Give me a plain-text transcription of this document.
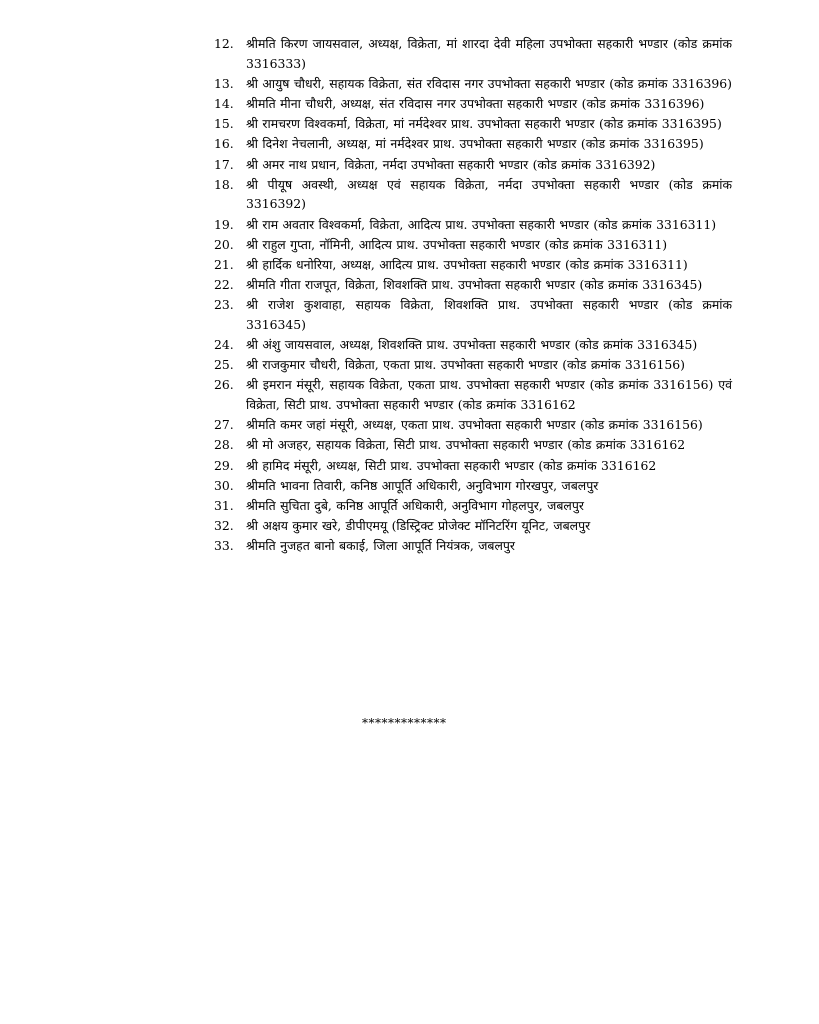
12. श्रीमति किरण जायसवाल, अध्यक्ष, विक्रेता, मां शारदा देवी महिला उपभोक्ता सहकारी भण्डार (कोड क्रमांक 3316333)
13. श्री आयुष चौधरी, सहायक विक्रेता, संत रविदास नगर उपभोक्ता सहकारी भण्डार (कोड क्रमांक 3316396)
14. श्रीमति मीना चौधरी, अध्यक्ष, संत रविदास नगर उपभोक्ता सहकारी भण्डार (कोड क्रमांक 3316396)
15. श्री रामचरण विश्वकर्मा, विक्रेता, मां नर्मदेश्वर प्राथ. उपभोक्ता सहकारी भण्डार (कोड क्रमांक 3316395)
16. श्री दिनेश नेचलानी, अध्यक्ष, मां नर्मदेश्वर प्राथ. उपभोक्ता सहकारी भण्डार (कोड क्रमांक 3316395)
17. श्री अमर नाथ प्रधान, विक्रेता, नर्मदा उपभोक्ता सहकारी भण्डार (कोड क्रमांक 3316392)
18. श्री पीयूष अवस्थी, अध्यक्ष एवं सहायक विक्रेता, नर्मदा उपभोक्ता सहकारी भण्डार (कोड क्रमांक 3316392)
19. श्री राम अवतार विश्वकर्मा, विक्रेता, आदित्य प्राथ. उपभोक्ता सहकारी भण्डार (कोड क्रमांक 3316311)
20. श्री राहुल गुप्ता, नॉमिनी, आदित्य प्राथ. उपभोक्ता सहकारी भण्डार (कोड क्रमांक 3316311)
21. श्री हार्दिक धनोरिया, अध्यक्ष, आदित्य प्राथ. उपभोक्ता सहकारी भण्डार (कोड क्रमांक 3316311)
22. श्रीमति गीता राजपूत, विक्रेता, शिवशक्ति प्राथ. उपभोक्ता सहकारी भण्डार (कोड क्रमांक 3316345)
23. श्री राजेश कुशवाहा, सहायक विक्रेता, शिवशक्ति प्राथ. उपभोक्ता सहकारी भण्डार (कोड क्रमांक 3316345)
24. श्री अंशु जायसवाल, अध्यक्ष, शिवशक्ति प्राथ. उपभोक्ता सहकारी भण्डार (कोड क्रमांक 3316345)
25. श्री राजकुमार चौधरी, विक्रेता, एकता प्राथ. उपभोक्ता सहकारी भण्डार (कोड क्रमांक 3316156)
26. श्री इमरान मंसूरी, सहायक विक्रेता, एकता प्राथ. उपभोक्ता सहकारी भण्डार (कोड क्रमांक 3316156) एवं विक्रेता, सिटी प्राथ. उपभोक्ता सहकारी भण्डार (कोड क्रमांक 3316162
27. श्रीमति कमर जहां मंसूरी, अध्यक्ष, एकता प्राथ. उपभोक्ता सहकारी भण्डार (कोड क्रमांक 3316156)
28. श्री मो अजहर, सहायक विक्रेता, सिटी प्राथ. उपभोक्ता सहकारी भण्डार (कोड क्रमांक 3316162
29. श्री हामिद मंसूरी, अध्यक्ष, सिटी प्राथ. उपभोक्ता सहकारी भण्डार (कोड क्रमांक 3316162
30. श्रीमति भावना तिवारी, कनिष्ठ आपूर्ति अधिकारी, अनुविभाग गोरखपुर, जबलपुर
31. श्रीमति सुचिता दुबे, कनिष्ठ आपूर्ति अधिकारी, अनुविभाग गोहलपुर, जबलपुर
32. श्री अक्षय कुमार खरे, डीपीएमयू (डिस्ट्रिक्ट प्रोजेक्ट मॉनिटरिंग यूनिट, जबलपुर
33. श्रीमति नुजहत बानो बकाई, जिला आपूर्ति नियंत्रक, जबलपुर
*************
